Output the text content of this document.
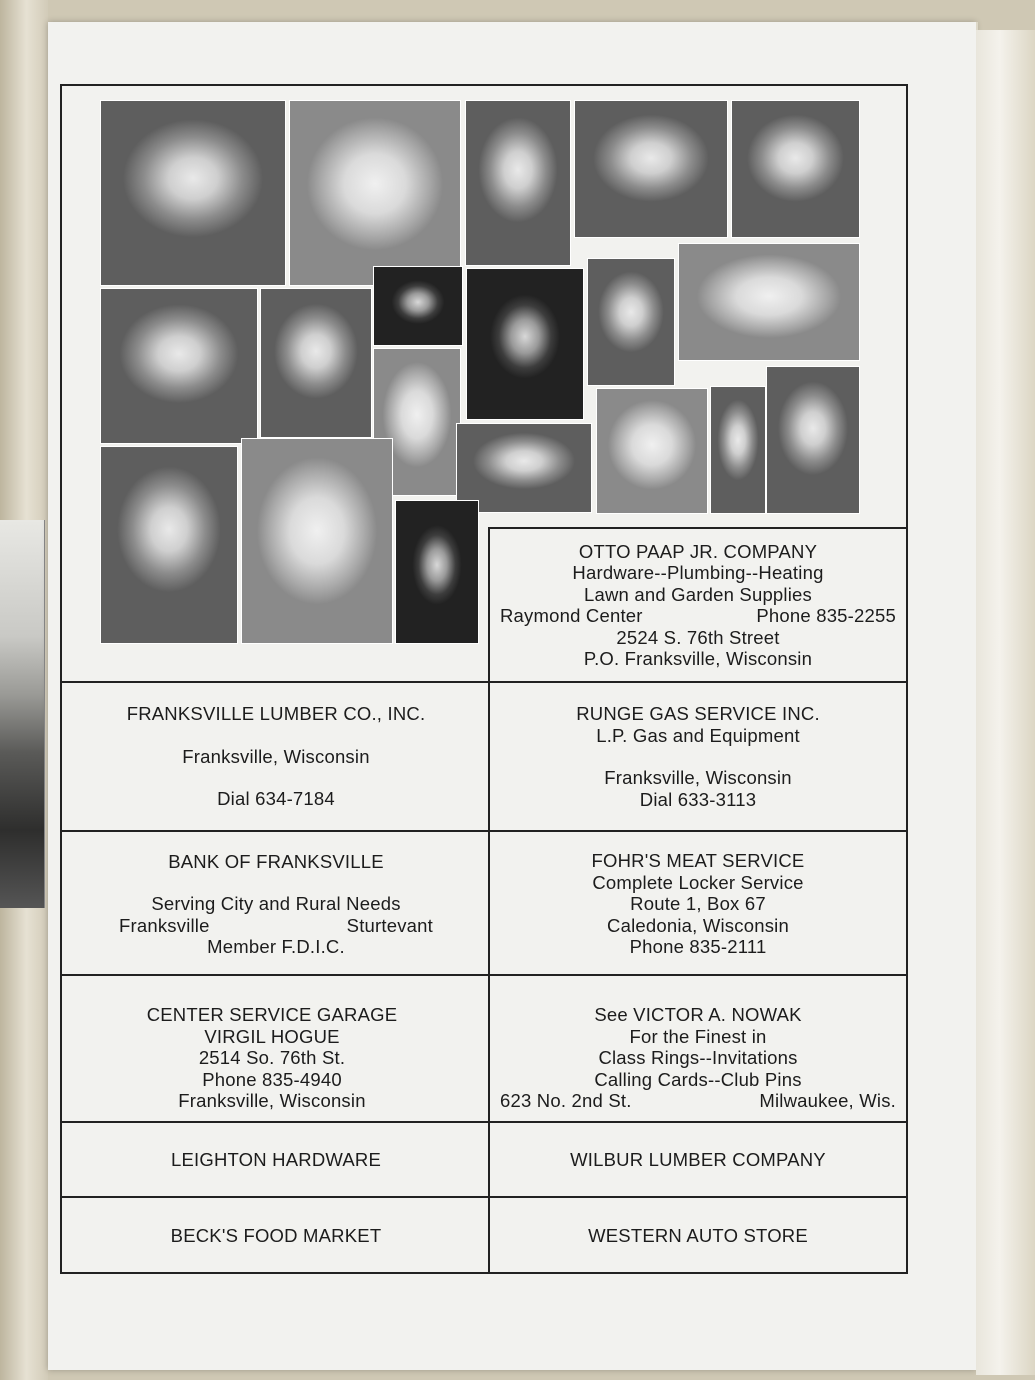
OTTO PAAP JR. COMPANY
Hardware--Plumbing--Heating
Lawn and Garden Supplies
Raymond Center	Phone 835-2255
2524 S. 76th Street
P.O. Franksville, Wisconsin
FRANKSVILLE LUMBER CO., INC.
Franksville, Wisconsin
Dial 634-7184
RUNGE GAS SERVICE INC.
L.P. Gas and Equipment
Franksville, Wisconsin
Dial 633-3113
BANK OF FRANKSVILLE
Serving City and Rural Needs
Franksville	Sturtevant
Member F.D.I.C.
FOHR'S MEAT SERVICE
Complete Locker Service
Route 1, Box 67
Caledonia, Wisconsin
Phone 835-2111
CENTER SERVICE GARAGE
VIRGIL HOGUE
2514 So. 76th St.
Phone 835-4940
Franksville, Wisconsin
See VICTOR A. NOWAK
For the Finest in
Class Rings--Invitations
Calling Cards--Club Pins
623 No. 2nd St.	Milwaukee, Wis.
LEIGHTON HARDWARE	WILBUR LUMBER COMPANY
BECK'S FOOD MARKET	WESTERN AUTO STORE
